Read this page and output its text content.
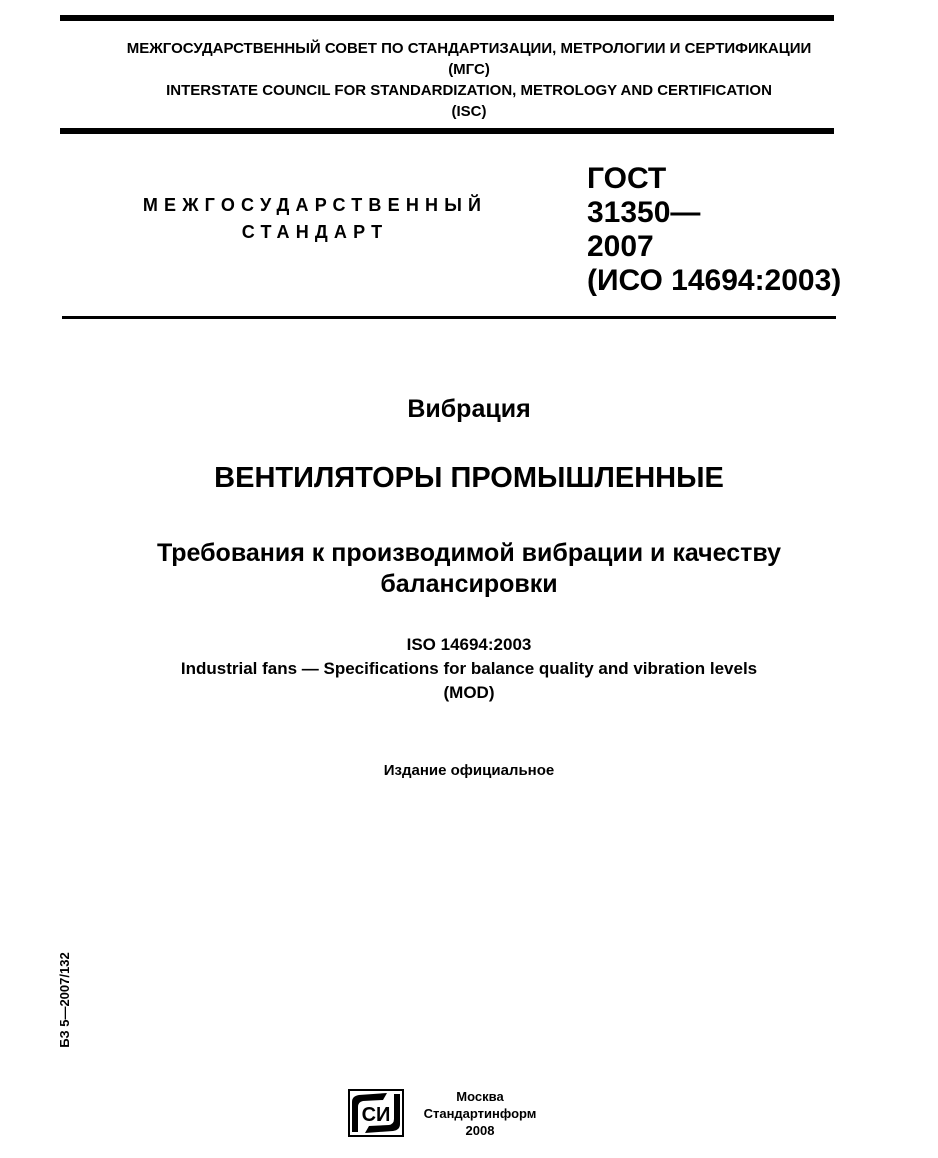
МЕЖГОСУДАРСТВЕННЫЙ СОВЕТ ПО СТАНДАРТИЗАЦИИ, МЕТРОЛОГИИ И СЕРТИФИКАЦИИ
(МГС)
INTERSTATE COUNCIL FOR STANDARDIZATION, METROLOGY AND CERTIFICATION
(ISC)
МЕЖГОСУДАРСТВЕННЫЙ
СТАНДАРТ
ГОСТ
31350—
2007
(ИСО 14694:2003)
Вибрация
ВЕНТИЛЯТОРЫ ПРОМЫШЛЕННЫЕ
Требования к производимой вибрации и качеству
балансировки
ISO 14694:2003
Industrial fans — Specifications for balance quality and vibration levels
(MOD)
Издание официальное
БЗ 5—2007/132
СИ
Москва
Стандартинформ
2008
